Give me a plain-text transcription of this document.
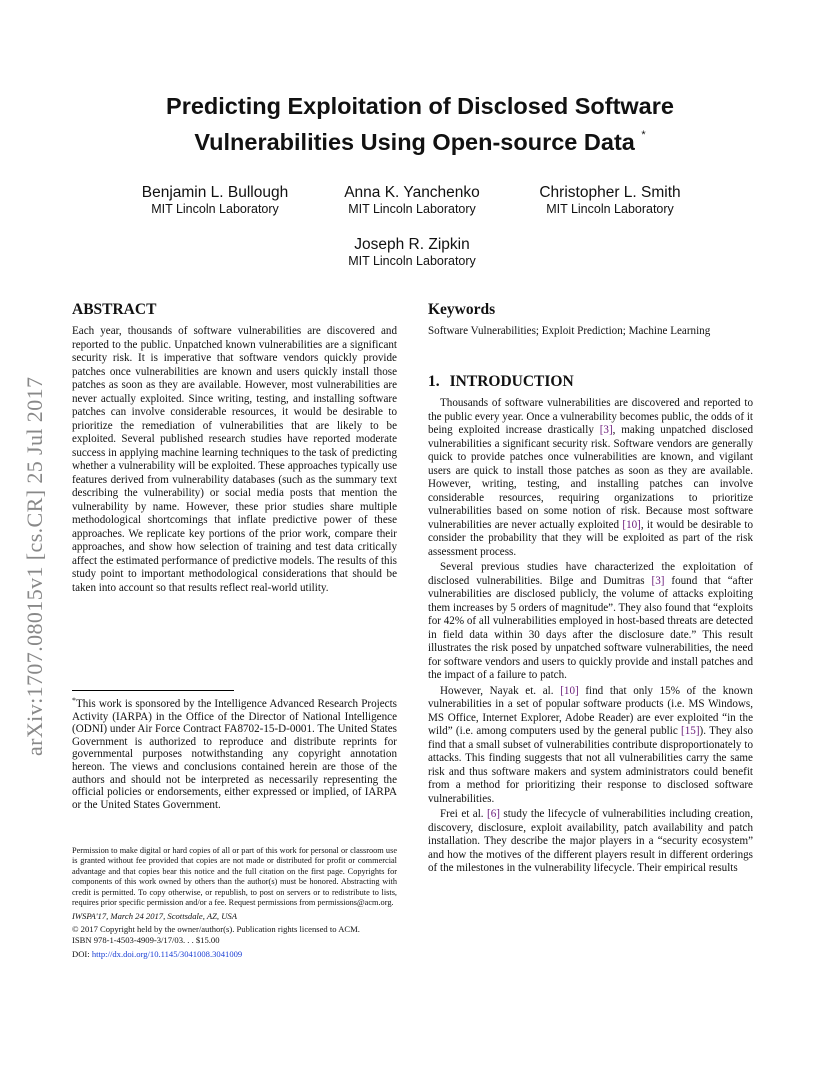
arXiv:1707.08015v1 [cs.CR] 25 Jul 2017
Predicting Exploitation of Disclosed Software
Vulnerabilities Using Open-source Data *
Benjamin L. Bullough
MIT Lincoln Laboratory
Anna K. Yanchenko
MIT Lincoln Laboratory
Christopher L. Smith
MIT Lincoln Laboratory
Joseph R. Zipkin
MIT Lincoln Laboratory
ABSTRACT

Each year, thousands of software vulnerabilities are discovered and reported to the public. Unpatched known vulnerabilities are a significant security risk. It is imperative that software vendors quickly provide patches once vulnerabilities are known and users quickly install those patches as soon as they are available. However, most vulnerabilities are never actually exploited. Since writing, testing, and installing software patches can involve considerable resources, it would be desirable to prioritize the remediation of vulnerabilities that are likely to be exploited. Several published research studies have reported moderate success in applying machine learning techniques to the task of predicting whether a vulnerability will be exploited. These approaches typically use features derived from vulnerability databases (such as the summary text describing the vulnerability) or social media posts that mention the vulnerability by name. However, these prior studies share multiple methodological shortcomings that inflate predictive power of these approaches. We replicate key portions of the prior work, compare their approaches, and show how selection of training and test data critically affect the estimated performance of predictive models. The results of this study point to important methodological considerations that should be taken into account so that results reflect real-world utility.

*This work is sponsored by the Intelligence Advanced Research Projects Activity (IARPA) in the Office of the Director of National Intelligence (ODNI) under Air Force Contract FA8702-15-D-0001. The United States Government is authorized to reproduce and distribute reprints for governmental purposes notwithstanding any copyright annotation hereon. The views and conclusions contained herein are those of the authors and should not be interpreted as necessarily representing the official policies or endorsements, either expressed or implied, of IARPA or the United States Government.

Permission to make digital or hard copies of all or part of this work for personal or classroom use is granted without fee provided that copies are not made or distributed for profit or commercial advantage and that copies bear this notice and the full citation on the first page. Copyrights for components of this work owned by others than the author(s) must be honored. Abstracting with credit is permitted. To copy otherwise, or republish, to post on servers or to redistribute to lists, requires prior specific permission and/or a fee. Request permissions from permissions@acm.org.

IWSPA'17, March 24 2017, Scottsdale, AZ, USA
© 2017 Copyright held by the owner/author(s). Publication rights licensed to ACM.
ISBN 978-1-4503-4909-3/17/03. . . $15.00
DOI: http://dx.doi.org/10.1145/3041008.3041009
Keywords

Software Vulnerabilities; Exploit Prediction; Machine Learning

1. INTRODUCTION

Thousands of software vulnerabilities are discovered and reported to the public every year. Once a vulnerability becomes public, the odds of it being exploited increase drastically [3], making unpatched disclosed vulnerabilities a significant security risk. Software vendors are generally quick to provide patches once vulnerabilities are known, and vigilant users are quick to install those patches as soon as they are available. However, writing, testing, and installing patches can involve considerable resources, requiring organizations to prioritize vulnerabilities based on some notion of risk. Because most software vulnerabilities are never actually exploited [10], it would be desirable to consider the probability that they will be exploited as part of the risk assessment process.

Several previous studies have characterized the exploitation of disclosed vulnerabilities. Bilge and Dumitras [3] found that “after vulnerabilities are disclosed publicly, the volume of attacks exploiting them increases by 5 orders of magnitude”. They also found that “exploits for 42% of all vulnerabilities employed in host-based threats are detected in field data within 30 days after the disclosure date.” This result illustrates the risk posed by unpatched software vulnerabilities, the need for software vendors and users to quickly provide and install patches and the impact of a failure to patch.

However, Nayak et. al. [10] find that only 15% of the known vulnerabilities in a set of popular software products (i.e. MS Windows, MS Office, Internet Explorer, Adobe Reader) are ever exploited “in the wild” (i.e. among computers used by the general public [15]). They also find that a small subset of vulnerabilities contribute disproportionately to attacks. This finding suggests that not all vulnerabilities carry the same risk and thus software makers and system administrators could benefit from a method for prioritizing their response to disclosed software vulnerabilities.

Frei et al. [6] study the lifecycle of vulnerabilities including creation, discovery, disclosure, exploit availability, patch availability and patch installation. They describe the major players in a “security ecosystem” and how the motives of the different players result in different orderings of the milestones in the vulnerability lifecycle. Their empirical results
